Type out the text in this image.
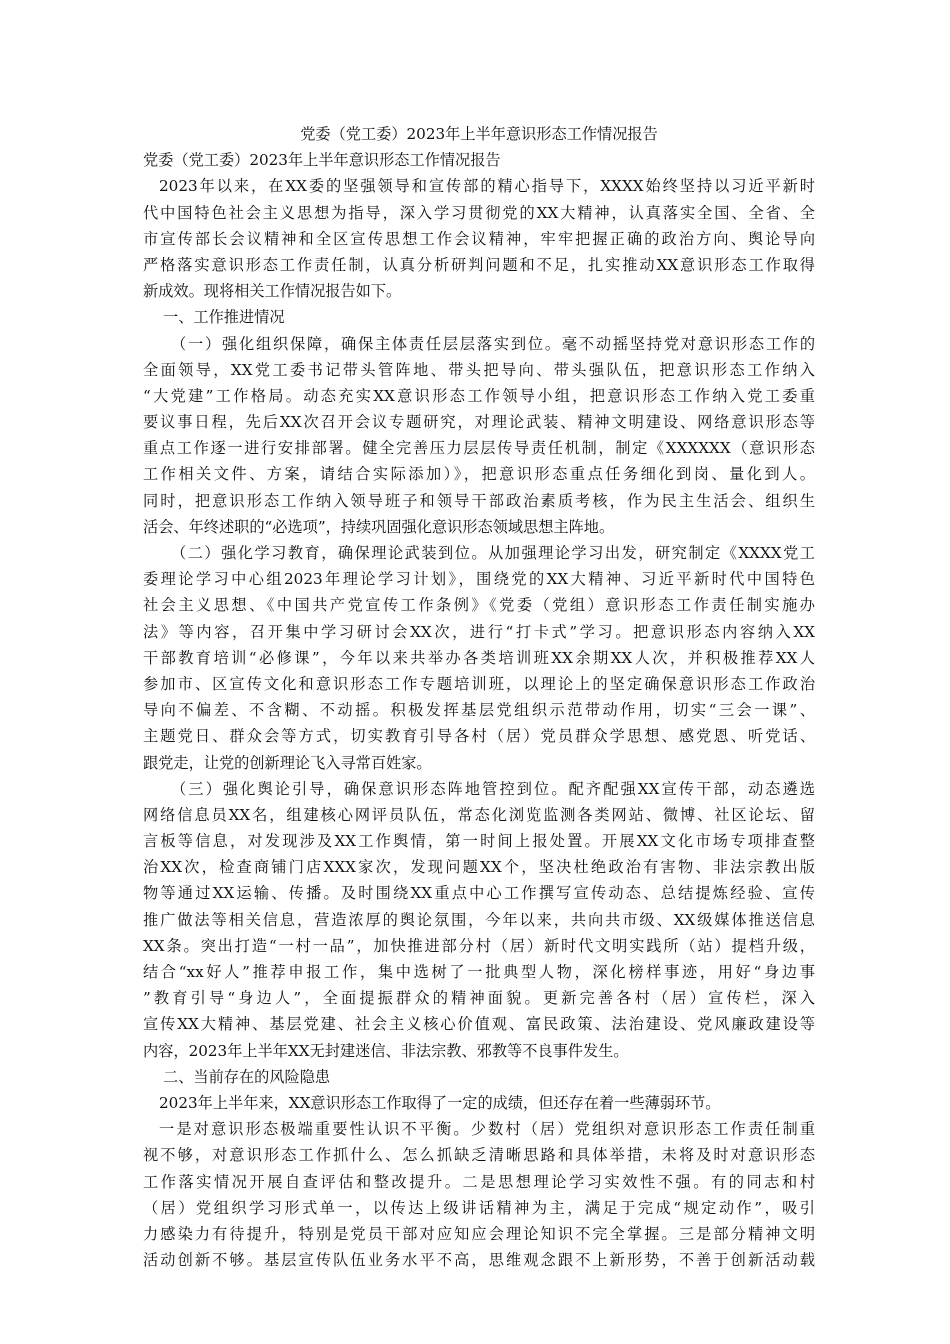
党委（党工委）2023年上半年意识形态工作情况报告
党委（党工委）2023年上半年意识形态工作情况报告
2023年以来，在XX委的坚强领导和宣传部的精心指导下，XXXX始终坚持以习近平新时
代中国特色社会主义思想为指导，深入学习贯彻党的XX大精神，认真落实全国、全省、全
市宣传部长会议精神和全区宣传思想工作会议精神，牢牢把握正确的政治方向、舆论导向
严格落实意识形态工作责任制，认真分析研判问题和不足，扎实推动XX意识形态工作取得
新成效。现将相关工作情况报告如下。
一、工作推进情况
（一）强化组织保障，确保主体责任层层落实到位。毫不动摇坚持党对意识形态工作的
全面领导，XX党工委书记带头管阵地、带头把导向、带头强队伍，把意识形态工作纳入
“大党建”工作格局。动态充实XX意识形态工作领导小组，把意识形态工作纳入党工委重
要议事日程，先后XX次召开会议专题研究，对理论武装、精神文明建设、网络意识形态等
重点工作逐一进行安排部署。健全完善压力层层传导责任机制，制定《XXXXXX（意识形态
工作相关文件、方案，请结合实际添加）》，把意识形态重点任务细化到岗、量化到人。
同时，把意识形态工作纳入领导班子和领导干部政治素质考核，作为民主生活会、组织生
活会、年终述职的“必选项”，持续巩固强化意识形态领域思想主阵地。
（二）强化学习教育，确保理论武装到位。从加强理论学习出发，研究制定《XXXX党工
委理论学习中心组2023年理论学习计划》，围绕党的XX大精神、习近平新时代中国特色
社会主义思想、《中国共产党宣传工作条例》《党委（党组）意识形态工作责任制实施办
法》等内容，召开集中学习研讨会XX次，进行“打卡式”学习。把意识形态内容纳入XX
干部教育培训“必修课”，今年以来共举办各类培训班XX余期XX人次，并积极推荐XX人
参加市、区宣传文化和意识形态工作专题培训班，以理论上的坚定确保意识形态工作政治
导向不偏差、不含糊、不动摇。积极发挥基层党组织示范带动作用，切实“三会一课”、
主题党日、群众会等方式，切实教育引导各村（居）党员群众学思想、感党恩、听党话、
跟党走，让党的创新理论飞入寻常百姓家。
（三）强化舆论引导，确保意识形态阵地管控到位。配齐配强XX宣传干部，动态遴选
网络信息员XX名，组建核心网评员队伍，常态化浏览监测各类网站、微博、社区论坛、留
言板等信息，对发现涉及XX工作舆情，第一时间上报处置。开展XX文化市场专项排查整
治XX次，检查商铺门店XXX家次，发现问题XX个，坚决杜绝政治有害物、非法宗教出版
物等通过XX运输、传播。及时围绕XX重点中心工作撰写宣传动态、总结提炼经验、宣传
推广做法等相关信息，营造浓厚的舆论氛围，今年以来，共向共市级、XX级媒体推送信息
XX条。突出打造“一村一品”，加快推进部分村（居）新时代文明实践所（站）提档升级，
结合“xx好人”推荐申报工作，集中选树了一批典型人物，深化榜样事迹，用好“身边事
”教育引导“身边人”，全面提振群众的精神面貌。更新完善各村（居）宣传栏，深入
宣传XX大精神、基层党建、社会主义核心价值观、富民政策、法治建设、党风廉政建设等
内容，2023年上半年XX无封建迷信、非法宗教、邪教等不良事件发生。
二、当前存在的风险隐患
2023年上半年来，XX意识形态工作取得了一定的成绩，但还存在着一些薄弱环节。
一是对意识形态极端重要性认识不平衡。少数村（居）党组织对意识形态工作责任制重
视不够，对意识形态工作抓什么、怎么抓缺乏清晰思路和具体举措，未将及时对意识形态
工作落实情况开展自查评估和整改提升。二是思想理论学习实效性不强。有的同志和村
（居）党组织学习形式单一，以传达上级讲话精神为主，满足于完成“规定动作”，吸引
力感染力有待提升，特别是党员干部对应知应会理论知识不完全掌握。三是部分精神文明
活动创新不够。基层宣传队伍业务水平不高，思维观念跟不上新形势，不善于创新活动载
